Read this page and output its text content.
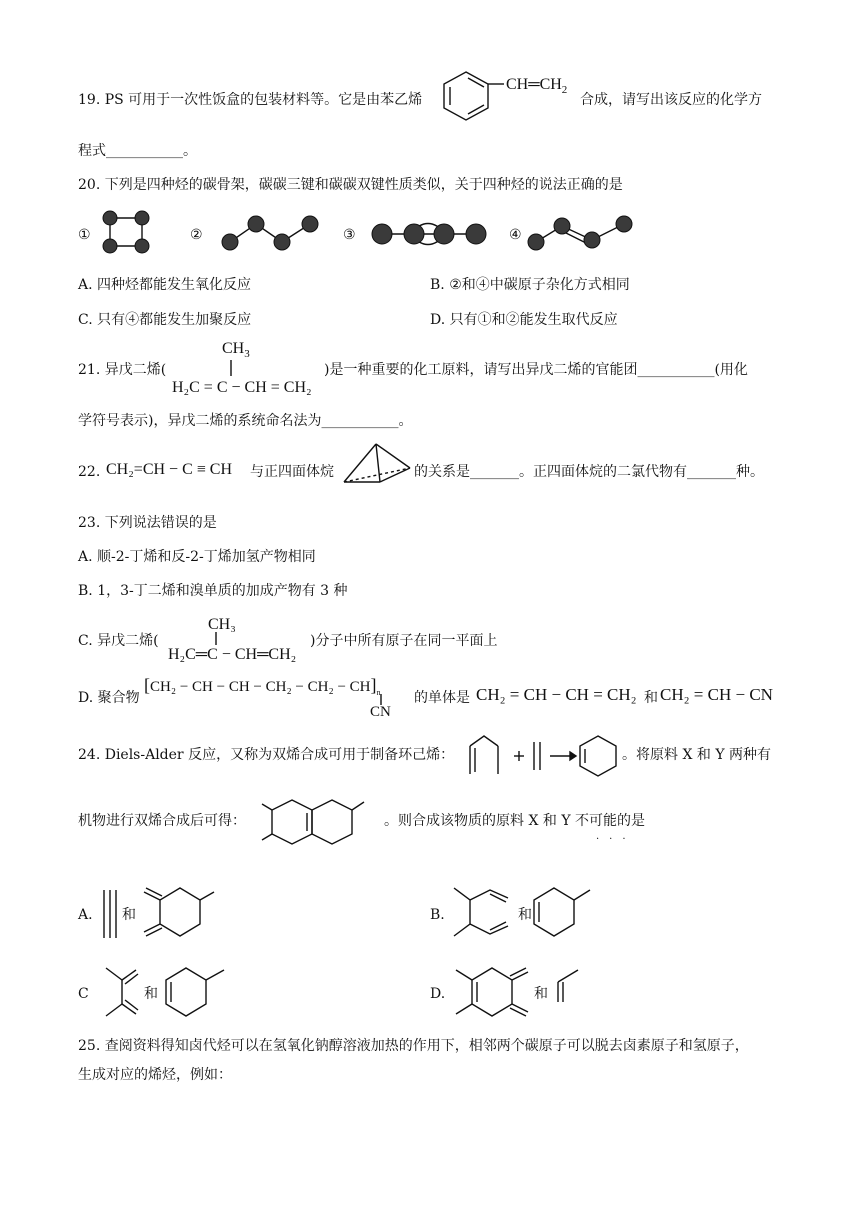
19. PS 可用于一次性饭盒的包装材料等。它是由苯乙烯
$CH═CH_2$
合成，请写出该反应的化学方
程式___________。
20. 下列是四种烃的碳骨架，碳碳三键和碳碳双键性质类似，关于四种烃的说法正确的是
①	②	③	④
A. 四种烃都能发生氧化反应	B. ②和④中碳原子杂化方式相同
C. 只有④都能发生加聚反应	D. 只有①和②能发生取代反应
$CH_3$
21. 异戊二烯(
H₂C = C − CH = CH₂
)是一种重要的化工原料，请写出异戊二烯的官能团___________(用化
学符号表示)，异戊二烯的系统命名法为___________。
22. CH₂=CH − C ≡ CH 与正四面体烷	的关系是_______。正四面体烷的二氯代物有_______种。
23. 下列说法错误的是
A. 顺-2-丁烯和反-2-丁烯加氢产物相同
B. 1，3-丁二烯和溴单质的加成产物有 3 种
CH₃
C. 异戊二烯(
H₂C═C − CH═CH₂
)分子中所有原子在同一平面上
D. 聚合物
[CH₂ − CH − CH − $CH_2 - CH_2 - CH]_n$
CN
的单体是 CH₂ = CH − CH = CH₂ 和 CH₂ = CH − CN
24. Diels-Alder 反应，又称为双烯合成可用于制备环己烯：	。将原料 X 和 Y 两种有
机物进行双烯合成后可得：	。则合成该物质的原料 X 和 Y 不可能的是
...
A. 和	B.	和
C	和	D.	和
25. 查阅资料得知卤代烃可以在氢氧化钠醇溶液加热的作用下，相邻两个碳原子可以脱去卤素原子和氢原子，
生成对应的烯烃，例如：
